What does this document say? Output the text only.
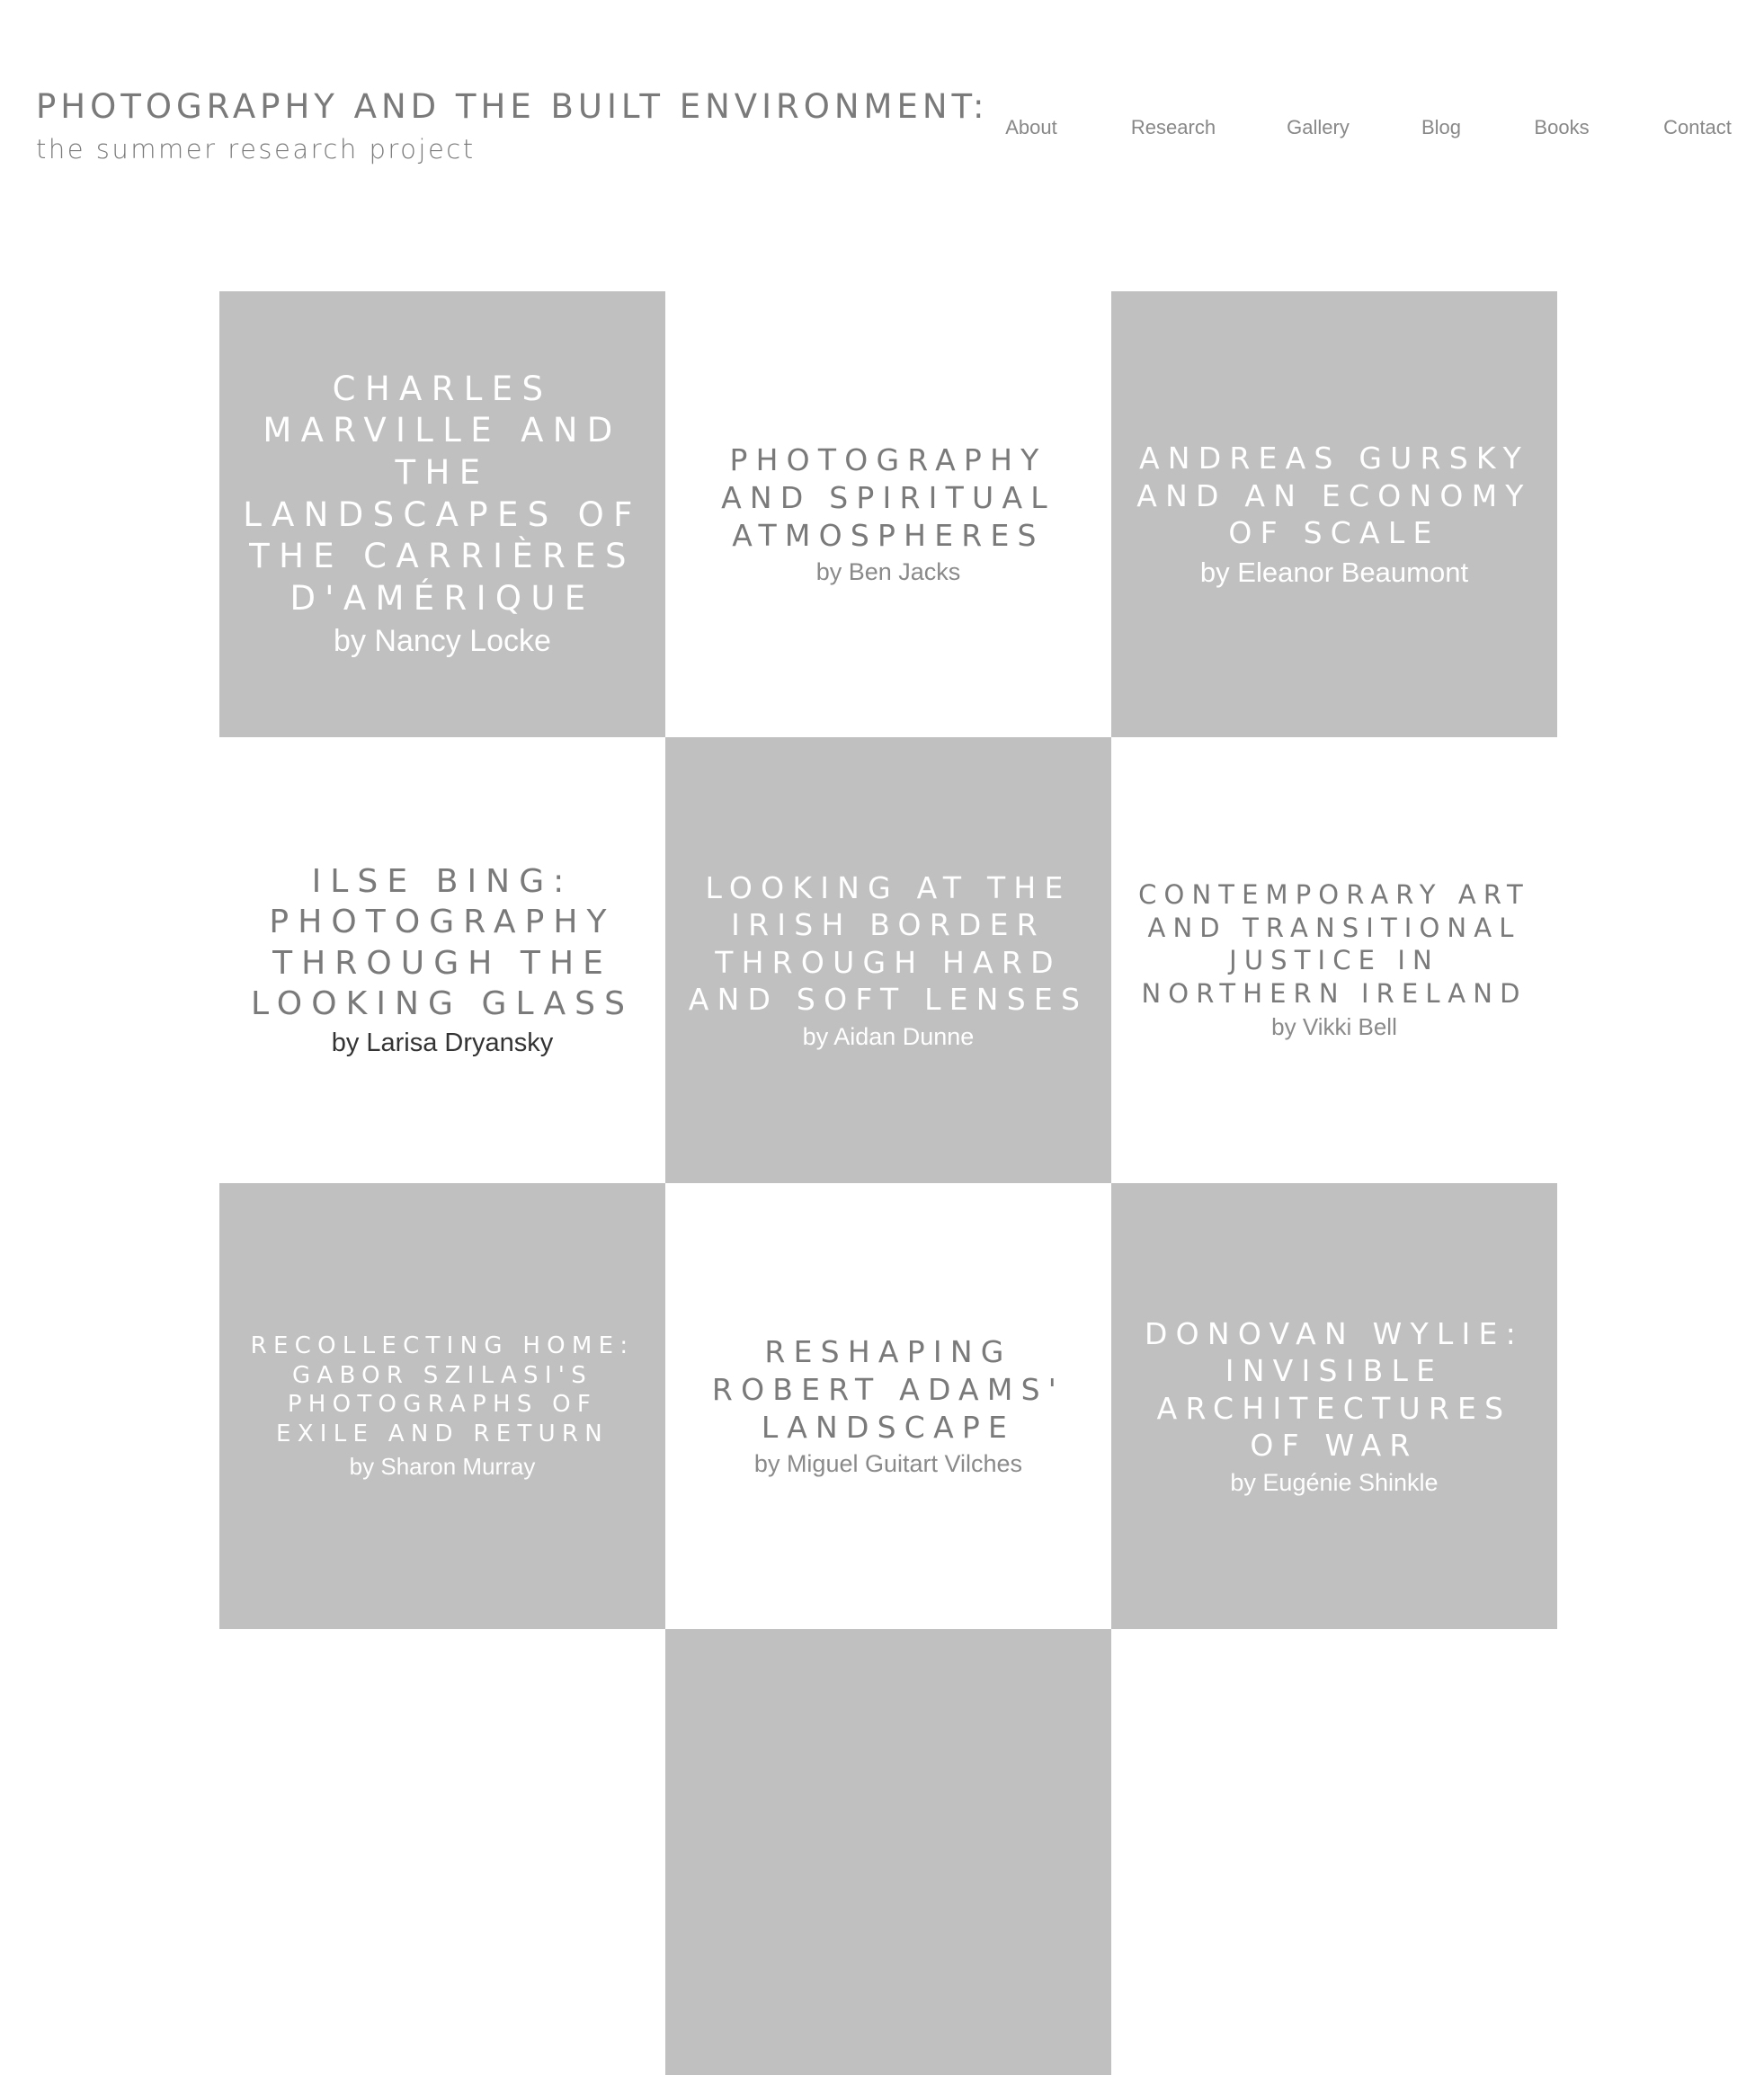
PHOTOGRAPHY AND THE BUILT ENVIRONMENT:
the summer research project
About	Research	Gallery	Blog	Books	Contact
CHARLES MARVILLE AND THE LANDSCAPES OF THE CARRIÈRES D'AMÉRIQUE
by Nancy Locke
PHOTOGRAPHY AND SPIRITUAL ATMOSPHERES
by Ben Jacks
ANDREAS GURSKY AND AN ECONOMY OF SCALE
by Eleanor Beaumont
ILSE BING: PHOTOGRAPHY THROUGH THE LOOKING GLASS
by Larisa Dryansky
LOOKING AT THE IRISH BORDER THROUGH HARD AND SOFT LENSES
by Aidan Dunne
CONTEMPORARY ART AND TRANSITIONAL JUSTICE IN NORTHERN IRELAND
by Vikki Bell
RECOLLECTING HOME: GABOR SZILASI'S PHOTOGRAPHS OF EXILE AND RETURN
by Sharon Murray
RESHAPING ROBERT ADAMS' LANDSCAPE
by Miguel Guitart Vilches
DONOVAN WYLIE: INVISIBLE ARCHITECTURES OF WAR
by Eugénie Shinkle
